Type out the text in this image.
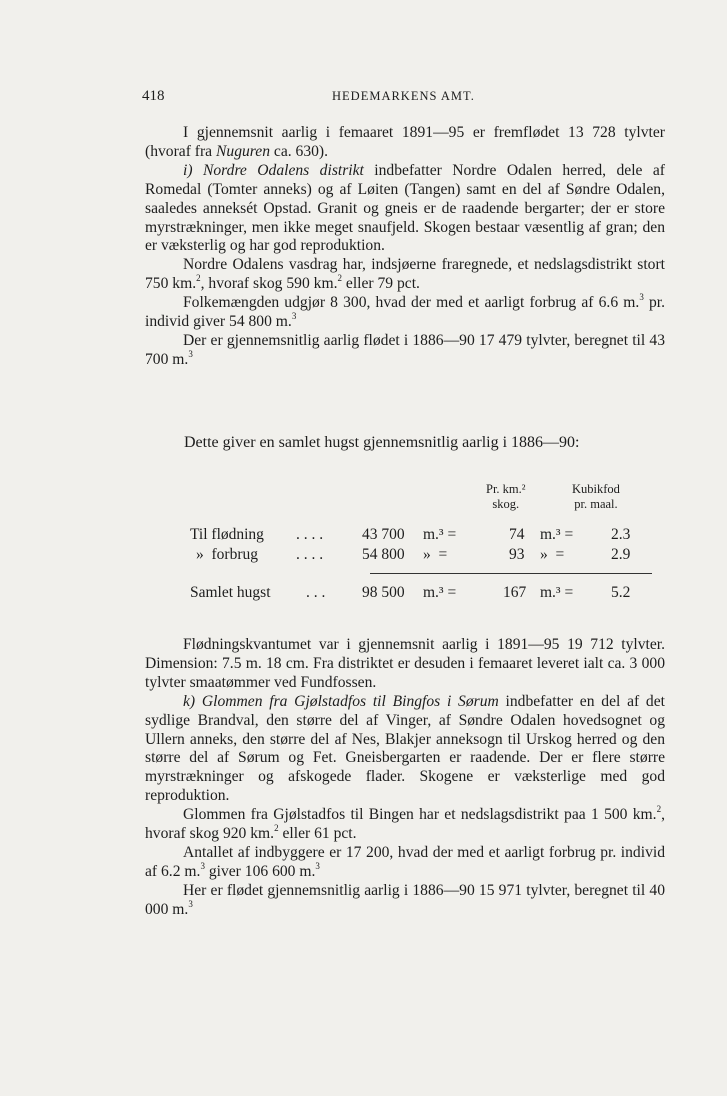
418	HEDEMARKENS AMT.

I gjennemsnit aarlig i femaaret 1891—95 er fremflødet 13 728 tylvter (hvoraf fra Nuguren ca. 630).

i) Nordre Odalens distrikt indbefatter Nordre Odalen herred, dele af Romedal (Tomter anneks) og af Løiten (Tangen) samt en del af Søndre Odalen, saaledes anneksét Opstad. Granit og gneis er de raadende bergarter; der er store myrstrækninger, men ikke meget snaufjeld. Skogen bestaar væsentlig af gran; den er væksterlig og har god reproduktion.

Nordre Odalens vasdrag har, indsjøerne fraregnede, et nedslagsdistrikt stort 750 km.$^2$, hvoraf skog 590 km.$^2$ eller 79 pct.

Folkemængden udgjør 8 300, hvad der med et aarligt forbrug af 6.6 m.$^3$ pr. individ giver 54 800 m.$^3$

Der er gjennemsnitlig aarlig flødet i 1886—90 17 479 tylvter, beregnet til 43 700 m.$^3$

Dette giver en samlet hugst gjennemsnitlig aarlig i 1886—90:
Pr. km.²
skog.
Kubikfod
pr. maal.
Til flødning . . . .	43 700 m.³ =	74 m.³ = 2.3
»  forbrug . . . .	54 800 »  =	93 »  =	2.9
Samlet hugst . . . 98 500 m.³ =	167 m.³ = 5.2

Flødningskvantumet var i gjennemsnit aarlig i 1891—95 19 712 tylvter. Dimension: 7.5 m. 18 cm. Fra distriktet er desuden i femaaret leveret ialt ca. 3 000 tylvter smaatømmer ved Fundfossen.

k) Glommen fra Gjølstadfos til Bingfos i Sørum indbefatter en del af det sydlige Brandval, den større del af Vinger, af Søndre Odalen hovedsognet og Ullern anneks, den større del af Nes, Blakjer anneksogn til Urskog herred og den større del af Sørum og Fet. Gneisbergarten er raadende. Der er flere større myrstrækninger og afskogede flader. Skogene er væksterlige med god reproduktion.

Glommen fra Gjølstadfos til Bingen har et nedslagsdistrikt paa 1 500 km.$^2$, hvoraf skog 920 km.$^2$ eller 61 pct.

Antallet af indbyggere er 17 200, hvad der med et aarligt forbrug pr. individ af 6.2 m.$^3$ giver 106 600 m.$^3$

Her er flødet gjennemsnitlig aarlig i 1886—90 15 971 tylvter, beregnet til 40 000 m.$^3$
